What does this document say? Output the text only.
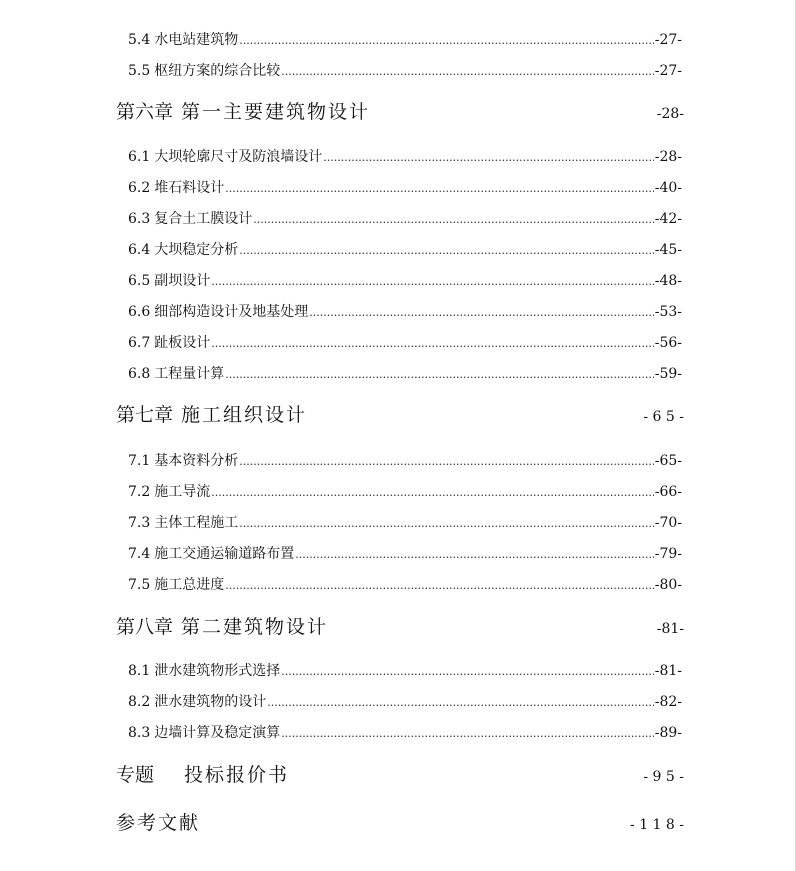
5.4 水电站建筑物 .....	-27-
5.5 枢纽方案的综合比较 .....	-27-
第六章 第一主要建筑物设计	-28-
6.1 大坝轮廓尺寸及防浪墙设计 .....	-28-
6.2 堆石料设计 .....	-40-
6.3 复合土工膜设计 .....	-42-
6.4 大坝稳定分析 .....	-45-
6.5 副坝设计 .....	-48-
6.6 细部构造设计及地基处理 .....	-53-
6.7 趾板设计 .....	-56-
6.8 工程量计算 .....	-59-
第七章 施工组织设计	- 6 5 -
7.1 基本资料分析 .....	-65-
7.2 施工导流 .....	-66-
7.3 主体工程施工 .....	-70-
7.4 施工交通运输道路布置 .....	-79-
7.5 施工总进度 .....	-80-
第八章 第二建筑物设计	-81-
8.1 泄水建筑物形式选择 .....	-81-
8.2 泄水建筑物的设计 .....	-82-
8.3 边墙计算及稳定演算 .....	-89-
专题 投标报价书	- 9 5 -
参考文献	- 1 1 8 -
